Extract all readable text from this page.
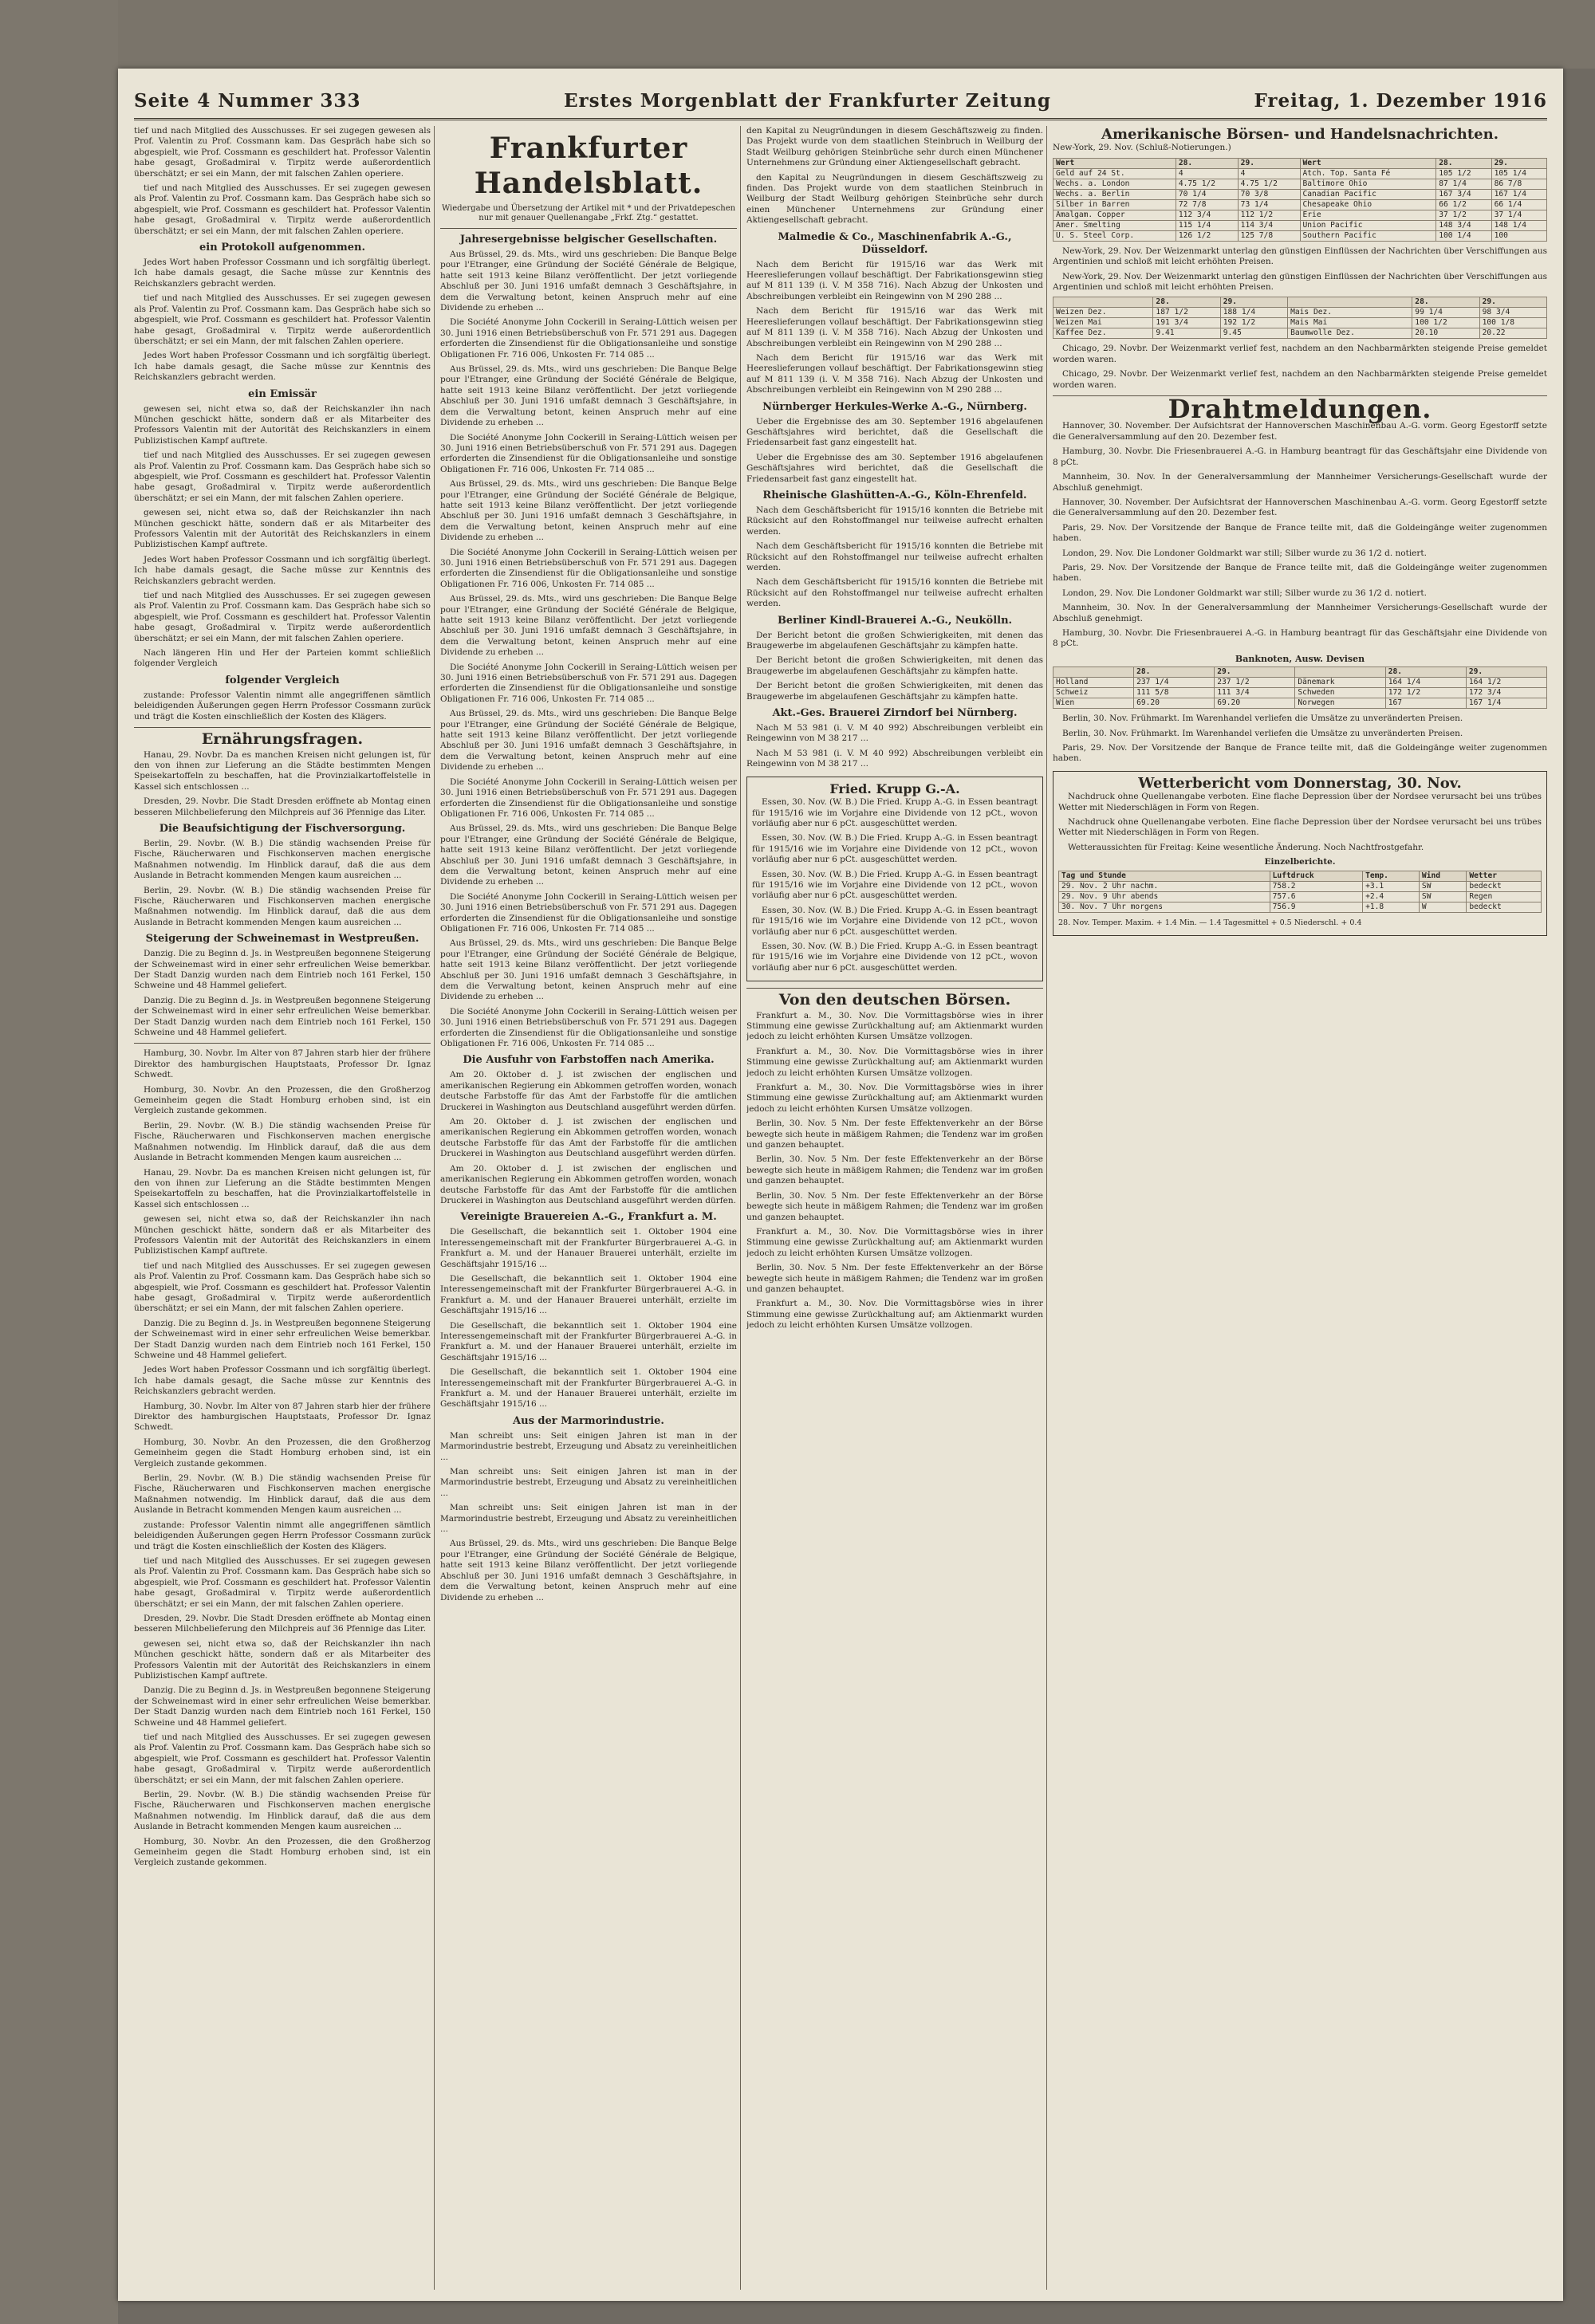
Seite 4 Nummer 333	Erstes Morgenblatt der Frankfurter Zeitung	Freitag, 1. Dezember 1916

tief und nach Mitglied des Ausschusses. Er sei zugegen gewesen als Prof. Valentin zu Prof. Cossmann kam. Das Gespräch habe sich so abgespielt, wie Prof. Cossmann es geschildert hat. Professor Valentin habe gesagt, Großadmiral v. Tirpitz werde außerordentlich überschätzt; er sei ein Mann, der mit falschen Zahlen operiere.

tief und nach Mitglied des Ausschusses. Er sei zugegen gewesen als Prof. Valentin zu Prof. Cossmann kam. Das Gespräch habe sich so abgespielt, wie Prof. Cossmann es geschildert hat. Professor Valentin habe gesagt, Großadmiral v. Tirpitz werde außerordentlich überschätzt; er sei ein Mann, der mit falschen Zahlen operiere.

ein Protokoll aufgenommen.

Jedes Wort haben Professor Cossmann und ich sorgfältig überlegt. Ich habe damals gesagt, die Sache müsse zur Kenntnis des Reichskanzlers gebracht werden.

tief und nach Mitglied des Ausschusses. Er sei zugegen gewesen als Prof. Valentin zu Prof. Cossmann kam. Das Gespräch habe sich so abgespielt, wie Prof. Cossmann es geschildert hat. Professor Valentin habe gesagt, Großadmiral v. Tirpitz werde außerordentlich überschätzt; er sei ein Mann, der mit falschen Zahlen operiere.

Jedes Wort haben Professor Cossmann und ich sorgfältig überlegt. Ich habe damals gesagt, die Sache müsse zur Kenntnis des Reichskanzlers gebracht werden.

ein Emissär

gewesen sei, nicht etwa so, daß der Reichskanzler ihn nach München geschickt hätte, sondern daß er als Mitarbeiter des Professors Valentin mit der Autorität des Reichskanzlers in einem Publizistischen Kampf auftrete.

tief und nach Mitglied des Ausschusses. Er sei zugegen gewesen als Prof. Valentin zu Prof. Cossmann kam. Das Gespräch habe sich so abgespielt, wie Prof. Cossmann es geschildert hat. Professor Valentin habe gesagt, Großadmiral v. Tirpitz werde außerordentlich überschätzt; er sei ein Mann, der mit falschen Zahlen operiere.

gewesen sei, nicht etwa so, daß der Reichskanzler ihn nach München geschickt hätte, sondern daß er als Mitarbeiter des Professors Valentin mit der Autorität des Reichskanzlers in einem Publizistischen Kampf auftrete.

Jedes Wort haben Professor Cossmann und ich sorgfältig überlegt. Ich habe damals gesagt, die Sache müsse zur Kenntnis des Reichskanzlers gebracht werden.

tief und nach Mitglied des Ausschusses. Er sei zugegen gewesen als Prof. Valentin zu Prof. Cossmann kam. Das Gespräch habe sich so abgespielt, wie Prof. Cossmann es geschildert hat. Professor Valentin habe gesagt, Großadmiral v. Tirpitz werde außerordentlich überschätzt; er sei ein Mann, der mit falschen Zahlen operiere.

Nach längeren Hin und Her der Parteien kommt schließlich folgender Vergleich

folgender Vergleich

zustande: Professor Valentin nimmt alle angegriffenen sämtlich beleidigenden Äußerungen gegen Herrn Professor Cossmann zurück und trägt die Kosten einschließlich der Kosten des Klägers.

Ernährungsfragen.

Hanau, 29. Novbr. Da es manchen Kreisen nicht gelungen ist, für den von ihnen zur Lieferung an die Städte bestimmten Mengen Speisekartoffeln zu beschaffen, hat die Provinzialkartoffelstelle in Kassel sich entschlossen ...

Dresden, 29. Novbr. Die Stadt Dresden eröffnete ab Montag einen besseren Milchbelieferung den Milchpreis auf 36 Pfennige das Liter.

Die Beaufsichtigung der Fischversorgung.

Berlin, 29. Novbr. (W. B.) Die ständig wachsenden Preise für Fische, Räucherwaren und Fischkonserven machen energische Maßnahmen notwendig. Im Hinblick darauf, daß die aus dem Auslande in Betracht kommenden Mengen kaum ausreichen ...

Berlin, 29. Novbr. (W. B.) Die ständig wachsenden Preise für Fische, Räucherwaren und Fischkonserven machen energische Maßnahmen notwendig. Im Hinblick darauf, daß die aus dem Auslande in Betracht kommenden Mengen kaum ausreichen ...

Steigerung der Schweinemast in Westpreußen.

Danzig. Die zu Beginn d. Js. in Westpreußen begonnene Steigerung der Schweinemast wird in einer sehr erfreulichen Weise bemerkbar. Der Stadt Danzig wurden nach dem Eintrieb noch 161 Ferkel, 150 Schweine und 48 Hammel geliefert.

Danzig. Die zu Beginn d. Js. in Westpreußen begonnene Steigerung der Schweinemast wird in einer sehr erfreulichen Weise bemerkbar. Der Stadt Danzig wurden nach dem Eintrieb noch 161 Ferkel, 150 Schweine und 48 Hammel geliefert.

Hamburg, 30. Novbr. Im Alter von 87 Jahren starb hier der frühere Direktor des hamburgischen Hauptstaats, Professor Dr. Ignaz Schwedt.

Homburg, 30. Novbr. An den Prozessen, die den Großherzog Gemeinheim gegen die Stadt Homburg erhoben sind, ist ein Vergleich zustande gekommen.

Berlin, 29. Novbr. (W. B.) Die ständig wachsenden Preise für Fische, Räucherwaren und Fischkonserven machen energische Maßnahmen notwendig. Im Hinblick darauf, daß die aus dem Auslande in Betracht kommenden Mengen kaum ausreichen ...

Hanau, 29. Novbr. Da es manchen Kreisen nicht gelungen ist, für den von ihnen zur Lieferung an die Städte bestimmten Mengen Speisekartoffeln zu beschaffen, hat die Provinzialkartoffelstelle in Kassel sich entschlossen ...

gewesen sei, nicht etwa so, daß der Reichskanzler ihn nach München geschickt hätte, sondern daß er als Mitarbeiter des Professors Valentin mit der Autorität des Reichskanzlers in einem Publizistischen Kampf auftrete.

tief und nach Mitglied des Ausschusses. Er sei zugegen gewesen als Prof. Valentin zu Prof. Cossmann kam. Das Gespräch habe sich so abgespielt, wie Prof. Cossmann es geschildert hat. Professor Valentin habe gesagt, Großadmiral v. Tirpitz werde außerordentlich überschätzt; er sei ein Mann, der mit falschen Zahlen operiere.

Danzig. Die zu Beginn d. Js. in Westpreußen begonnene Steigerung der Schweinemast wird in einer sehr erfreulichen Weise bemerkbar. Der Stadt Danzig wurden nach dem Eintrieb noch 161 Ferkel, 150 Schweine und 48 Hammel geliefert.

Jedes Wort haben Professor Cossmann und ich sorgfältig überlegt. Ich habe damals gesagt, die Sache müsse zur Kenntnis des Reichskanzlers gebracht werden.

Hamburg, 30. Novbr. Im Alter von 87 Jahren starb hier der frühere Direktor des hamburgischen Hauptstaats, Professor Dr. Ignaz Schwedt.

Homburg, 30. Novbr. An den Prozessen, die den Großherzog Gemeinheim gegen die Stadt Homburg erhoben sind, ist ein Vergleich zustande gekommen.

Berlin, 29. Novbr. (W. B.) Die ständig wachsenden Preise für Fische, Räucherwaren und Fischkonserven machen energische Maßnahmen notwendig. Im Hinblick darauf, daß die aus dem Auslande in Betracht kommenden Mengen kaum ausreichen ...

zustande: Professor Valentin nimmt alle angegriffenen sämtlich beleidigenden Äußerungen gegen Herrn Professor Cossmann zurück und trägt die Kosten einschließlich der Kosten des Klägers.

tief und nach Mitglied des Ausschusses. Er sei zugegen gewesen als Prof. Valentin zu Prof. Cossmann kam. Das Gespräch habe sich so abgespielt, wie Prof. Cossmann es geschildert hat. Professor Valentin habe gesagt, Großadmiral v. Tirpitz werde außerordentlich überschätzt; er sei ein Mann, der mit falschen Zahlen operiere.

Dresden, 29. Novbr. Die Stadt Dresden eröffnete ab Montag einen besseren Milchbelieferung den Milchpreis auf 36 Pfennige das Liter.

gewesen sei, nicht etwa so, daß der Reichskanzler ihn nach München geschickt hätte, sondern daß er als Mitarbeiter des Professors Valentin mit der Autorität des Reichskanzlers in einem Publizistischen Kampf auftrete.

Danzig. Die zu Beginn d. Js. in Westpreußen begonnene Steigerung der Schweinemast wird in einer sehr erfreulichen Weise bemerkbar. Der Stadt Danzig wurden nach dem Eintrieb noch 161 Ferkel, 150 Schweine und 48 Hammel geliefert.

tief und nach Mitglied des Ausschusses. Er sei zugegen gewesen als Prof. Valentin zu Prof. Cossmann kam. Das Gespräch habe sich so abgespielt, wie Prof. Cossmann es geschildert hat. Professor Valentin habe gesagt, Großadmiral v. Tirpitz werde außerordentlich überschätzt; er sei ein Mann, der mit falschen Zahlen operiere.

Berlin, 29. Novbr. (W. B.) Die ständig wachsenden Preise für Fische, Räucherwaren und Fischkonserven machen energische Maßnahmen notwendig. Im Hinblick darauf, daß die aus dem Auslande in Betracht kommenden Mengen kaum ausreichen ...

Homburg, 30. Novbr. An den Prozessen, die den Großherzog Gemeinheim gegen die Stadt Homburg erhoben sind, ist ein Vergleich zustande gekommen.

Frankfurter Handelsblatt.
Wiedergabe und Übersetzung der Artikel mit * und der Privatdepeschen nur mit genauer Quellenangabe „Frkf. Ztg.“ gestattet.
Jahresergebnisse belgischer Gesellschaften.

Aus Brüssel, 29. ds. Mts., wird uns geschrieben: Die Banque Belge pour l'Etranger, eine Gründung der Société Générale de Belgique, hatte seit 1913 keine Bilanz veröffentlicht. Der jetzt vorliegende Abschluß per 30. Juni 1916 umfaßt demnach 3 Geschäftsjahre, in dem die Verwaltung betont, keinen Anspruch mehr auf eine Dividende zu erheben ...

Die Société Anonyme John Cockerill in Seraing-Lüttich weisen per 30. Juni 1916 einen Betriebsüberschuß von Fr. 571 291 aus. Dagegen erforderten die Zinsendienst für die Obligationsanleihe und sonstige Obligationen Fr. 716 006, Unkosten Fr. 714 085 ...

Aus Brüssel, 29. ds. Mts., wird uns geschrieben: Die Banque Belge pour l'Etranger, eine Gründung der Société Générale de Belgique, hatte seit 1913 keine Bilanz veröffentlicht. Der jetzt vorliegende Abschluß per 30. Juni 1916 umfaßt demnach 3 Geschäftsjahre, in dem die Verwaltung betont, keinen Anspruch mehr auf eine Dividende zu erheben ...

Die Société Anonyme John Cockerill in Seraing-Lüttich weisen per 30. Juni 1916 einen Betriebsüberschuß von Fr. 571 291 aus. Dagegen erforderten die Zinsendienst für die Obligationsanleihe und sonstige Obligationen Fr. 716 006, Unkosten Fr. 714 085 ...

Aus Brüssel, 29. ds. Mts., wird uns geschrieben: Die Banque Belge pour l'Etranger, eine Gründung der Société Générale de Belgique, hatte seit 1913 keine Bilanz veröffentlicht. Der jetzt vorliegende Abschluß per 30. Juni 1916 umfaßt demnach 3 Geschäftsjahre, in dem die Verwaltung betont, keinen Anspruch mehr auf eine Dividende zu erheben ...

Die Société Anonyme John Cockerill in Seraing-Lüttich weisen per 30. Juni 1916 einen Betriebsüberschuß von Fr. 571 291 aus. Dagegen erforderten die Zinsendienst für die Obligationsanleihe und sonstige Obligationen Fr. 716 006, Unkosten Fr. 714 085 ...

Aus Brüssel, 29. ds. Mts., wird uns geschrieben: Die Banque Belge pour l'Etranger, eine Gründung der Société Générale de Belgique, hatte seit 1913 keine Bilanz veröffentlicht. Der jetzt vorliegende Abschluß per 30. Juni 1916 umfaßt demnach 3 Geschäftsjahre, in dem die Verwaltung betont, keinen Anspruch mehr auf eine Dividende zu erheben ...

Die Société Anonyme John Cockerill in Seraing-Lüttich weisen per 30. Juni 1916 einen Betriebsüberschuß von Fr. 571 291 aus. Dagegen erforderten die Zinsendienst für die Obligationsanleihe und sonstige Obligationen Fr. 716 006, Unkosten Fr. 714 085 ...

Aus Brüssel, 29. ds. Mts., wird uns geschrieben: Die Banque Belge pour l'Etranger, eine Gründung der Société Générale de Belgique, hatte seit 1913 keine Bilanz veröffentlicht. Der jetzt vorliegende Abschluß per 30. Juni 1916 umfaßt demnach 3 Geschäftsjahre, in dem die Verwaltung betont, keinen Anspruch mehr auf eine Dividende zu erheben ...

Die Société Anonyme John Cockerill in Seraing-Lüttich weisen per 30. Juni 1916 einen Betriebsüberschuß von Fr. 571 291 aus. Dagegen erforderten die Zinsendienst für die Obligationsanleihe und sonstige Obligationen Fr. 716 006, Unkosten Fr. 714 085 ...

Aus Brüssel, 29. ds. Mts., wird uns geschrieben: Die Banque Belge pour l'Etranger, eine Gründung der Société Générale de Belgique, hatte seit 1913 keine Bilanz veröffentlicht. Der jetzt vorliegende Abschluß per 30. Juni 1916 umfaßt demnach 3 Geschäftsjahre, in dem die Verwaltung betont, keinen Anspruch mehr auf eine Dividende zu erheben ...

Die Société Anonyme John Cockerill in Seraing-Lüttich weisen per 30. Juni 1916 einen Betriebsüberschuß von Fr. 571 291 aus. Dagegen erforderten die Zinsendienst für die Obligationsanleihe und sonstige Obligationen Fr. 716 006, Unkosten Fr. 714 085 ...

Aus Brüssel, 29. ds. Mts., wird uns geschrieben: Die Banque Belge pour l'Etranger, eine Gründung der Société Générale de Belgique, hatte seit 1913 keine Bilanz veröffentlicht. Der jetzt vorliegende Abschluß per 30. Juni 1916 umfaßt demnach 3 Geschäftsjahre, in dem die Verwaltung betont, keinen Anspruch mehr auf eine Dividende zu erheben ...

Die Société Anonyme John Cockerill in Seraing-Lüttich weisen per 30. Juni 1916 einen Betriebsüberschuß von Fr. 571 291 aus. Dagegen erforderten die Zinsendienst für die Obligationsanleihe und sonstige Obligationen Fr. 716 006, Unkosten Fr. 714 085 ...

Die Ausfuhr von Farbstoffen nach Amerika.

Am 20. Oktober d. J. ist zwischen der englischen und amerikanischen Regierung ein Abkommen getroffen worden, wonach deutsche Farbstoffe für das Amt der Farbstoffe für die amtlichen Druckerei in Washington aus Deutschland ausgeführt werden dürfen.

Am 20. Oktober d. J. ist zwischen der englischen und amerikanischen Regierung ein Abkommen getroffen worden, wonach deutsche Farbstoffe für das Amt der Farbstoffe für die amtlichen Druckerei in Washington aus Deutschland ausgeführt werden dürfen.

Am 20. Oktober d. J. ist zwischen der englischen und amerikanischen Regierung ein Abkommen getroffen worden, wonach deutsche Farbstoffe für das Amt der Farbstoffe für die amtlichen Druckerei in Washington aus Deutschland ausgeführt werden dürfen.

Vereinigte Brauereien A.-G., Frankfurt a. M.

Die Gesellschaft, die bekanntlich seit 1. Oktober 1904 eine Interessengemeinschaft mit der Frankfurter Bürgerbrauerei A.-G. in Frankfurt a. M. und der Hanauer Brauerei unterhält, erzielte im Geschäftsjahr 1915/16 ...

Die Gesellschaft, die bekanntlich seit 1. Oktober 1904 eine Interessengemeinschaft mit der Frankfurter Bürgerbrauerei A.-G. in Frankfurt a. M. und der Hanauer Brauerei unterhält, erzielte im Geschäftsjahr 1915/16 ...

Die Gesellschaft, die bekanntlich seit 1. Oktober 1904 eine Interessengemeinschaft mit der Frankfurter Bürgerbrauerei A.-G. in Frankfurt a. M. und der Hanauer Brauerei unterhält, erzielte im Geschäftsjahr 1915/16 ...

Die Gesellschaft, die bekanntlich seit 1. Oktober 1904 eine Interessengemeinschaft mit der Frankfurter Bürgerbrauerei A.-G. in Frankfurt a. M. und der Hanauer Brauerei unterhält, erzielte im Geschäftsjahr 1915/16 ...

Aus der Marmorindustrie.

Man schreibt uns: Seit einigen Jahren ist man in der Marmorindustrie bestrebt, Erzeugung und Absatz zu vereinheitlichen ...

Man schreibt uns: Seit einigen Jahren ist man in der Marmorindustrie bestrebt, Erzeugung und Absatz zu vereinheitlichen ...

Man schreibt uns: Seit einigen Jahren ist man in der Marmorindustrie bestrebt, Erzeugung und Absatz zu vereinheitlichen ...

Aus Brüssel, 29. ds. Mts., wird uns geschrieben: Die Banque Belge pour l'Etranger, eine Gründung der Société Générale de Belgique, hatte seit 1913 keine Bilanz veröffentlicht. Der jetzt vorliegende Abschluß per 30. Juni 1916 umfaßt demnach 3 Geschäftsjahre, in dem die Verwaltung betont, keinen Anspruch mehr auf eine Dividende zu erheben ...

den Kapital zu Neugründungen in diesem Geschäftszweig zu finden. Das Projekt wurde von dem staatlichen Steinbruch in Weilburg der Stadt Weilburg gehörigen Steinbrüche sehr durch einen Münchener Unternehmens zur Gründung einer Aktiengesellschaft gebracht.

den Kapital zu Neugründungen in diesem Geschäftszweig zu finden. Das Projekt wurde von dem staatlichen Steinbruch in Weilburg der Stadt Weilburg gehörigen Steinbrüche sehr durch einen Münchener Unternehmens zur Gründung einer Aktiengesellschaft gebracht.

Malmedie & Co., Maschinenfabrik A.-G., Düsseldorf.

Nach dem Bericht für 1915/16 war das Werk mit Heereslieferungen vollauf beschäftigt. Der Fabrikationsgewinn stieg auf M 811 139 (i. V. M 358 716). Nach Abzug der Unkosten und Abschreibungen verbleibt ein Reingewinn von M 290 288 ...

Nach dem Bericht für 1915/16 war das Werk mit Heereslieferungen vollauf beschäftigt. Der Fabrikationsgewinn stieg auf M 811 139 (i. V. M 358 716). Nach Abzug der Unkosten und Abschreibungen verbleibt ein Reingewinn von M 290 288 ...

Nach dem Bericht für 1915/16 war das Werk mit Heereslieferungen vollauf beschäftigt. Der Fabrikationsgewinn stieg auf M 811 139 (i. V. M 358 716). Nach Abzug der Unkosten und Abschreibungen verbleibt ein Reingewinn von M 290 288 ...

Nürnberger Herkules-Werke A.-G., Nürnberg.

Ueber die Ergebnisse des am 30. September 1916 abgelaufenen Geschäftsjahres wird berichtet, daß die Gesellschaft die Friedensarbeit fast ganz eingestellt hat.

Ueber die Ergebnisse des am 30. September 1916 abgelaufenen Geschäftsjahres wird berichtet, daß die Gesellschaft die Friedensarbeit fast ganz eingestellt hat.

Rheinische Glashütten-A.-G., Köln-Ehrenfeld.

Nach dem Geschäftsbericht für 1915/16 konnten die Betriebe mit Rücksicht auf den Rohstoffmangel nur teilweise aufrecht erhalten werden.

Nach dem Geschäftsbericht für 1915/16 konnten die Betriebe mit Rücksicht auf den Rohstoffmangel nur teilweise aufrecht erhalten werden.

Nach dem Geschäftsbericht für 1915/16 konnten die Betriebe mit Rücksicht auf den Rohstoffmangel nur teilweise aufrecht erhalten werden.

Berliner Kindl-Brauerei A.-G., Neukölln.

Der Bericht betont die großen Schwierigkeiten, mit denen das Braugewerbe im abgelaufenen Geschäftsjahr zu kämpfen hatte.

Der Bericht betont die großen Schwierigkeiten, mit denen das Braugewerbe im abgelaufenen Geschäftsjahr zu kämpfen hatte.

Der Bericht betont die großen Schwierigkeiten, mit denen das Braugewerbe im abgelaufenen Geschäftsjahr zu kämpfen hatte.

Akt.-Ges. Brauerei Zirndorf bei Nürnberg.

Nach M 53 981 (i. V. M 40 992) Abschreibungen verbleibt ein Reingewinn von M 38 217 ...

Nach M 53 981 (i. V. M 40 992) Abschreibungen verbleibt ein Reingewinn von M 38 217 ...

Fried. Krupp G.-A.

Essen, 30. Nov. (W. B.) Die Fried. Krupp A.-G. in Essen beantragt für 1915/16 wie im Vorjahre eine Dividende von 12 pCt., wovon vorläufig aber nur 6 pCt. ausgeschüttet werden.

Essen, 30. Nov. (W. B.) Die Fried. Krupp A.-G. in Essen beantragt für 1915/16 wie im Vorjahre eine Dividende von 12 pCt., wovon vorläufig aber nur 6 pCt. ausgeschüttet werden.

Essen, 30. Nov. (W. B.) Die Fried. Krupp A.-G. in Essen beantragt für 1915/16 wie im Vorjahre eine Dividende von 12 pCt., wovon vorläufig aber nur 6 pCt. ausgeschüttet werden.

Essen, 30. Nov. (W. B.) Die Fried. Krupp A.-G. in Essen beantragt für 1915/16 wie im Vorjahre eine Dividende von 12 pCt., wovon vorläufig aber nur 6 pCt. ausgeschüttet werden.

Essen, 30. Nov. (W. B.) Die Fried. Krupp A.-G. in Essen beantragt für 1915/16 wie im Vorjahre eine Dividende von 12 pCt., wovon vorläufig aber nur 6 pCt. ausgeschüttet werden.

Von den deutschen Börsen.

Frankfurt a. M., 30. Nov. Die Vormittagsbörse wies in ihrer Stimmung eine gewisse Zurückhaltung auf; am Aktienmarkt wurden jedoch zu leicht erhöhten Kursen Umsätze vollzogen.

Frankfurt a. M., 30. Nov. Die Vormittagsbörse wies in ihrer Stimmung eine gewisse Zurückhaltung auf; am Aktienmarkt wurden jedoch zu leicht erhöhten Kursen Umsätze vollzogen.

Frankfurt a. M., 30. Nov. Die Vormittagsbörse wies in ihrer Stimmung eine gewisse Zurückhaltung auf; am Aktienmarkt wurden jedoch zu leicht erhöhten Kursen Umsätze vollzogen.

Berlin, 30. Nov. 5 Nm. Der feste Effektenverkehr an der Börse bewegte sich heute in mäßigem Rahmen; die Tendenz war im großen und ganzen behauptet.

Berlin, 30. Nov. 5 Nm. Der feste Effektenverkehr an der Börse bewegte sich heute in mäßigem Rahmen; die Tendenz war im großen und ganzen behauptet.

Berlin, 30. Nov. 5 Nm. Der feste Effektenverkehr an der Börse bewegte sich heute in mäßigem Rahmen; die Tendenz war im großen und ganzen behauptet.

Frankfurt a. M., 30. Nov. Die Vormittagsbörse wies in ihrer Stimmung eine gewisse Zurückhaltung auf; am Aktienmarkt wurden jedoch zu leicht erhöhten Kursen Umsätze vollzogen.

Berlin, 30. Nov. 5 Nm. Der feste Effektenverkehr an der Börse bewegte sich heute in mäßigem Rahmen; die Tendenz war im großen und ganzen behauptet.

Frankfurt a. M., 30. Nov. Die Vormittagsbörse wies in ihrer Stimmung eine gewisse Zurückhaltung auf; am Aktienmarkt wurden jedoch zu leicht erhöhten Kursen Umsätze vollzogen.

Amerikanische Börsen- und Handelsnachrichten.

New-York, 29. Nov. (Schluß-Notierungen.)

Wert	28.	29.	Wert	28.	29.
Geld auf 24 St.	4	4	Atch. Top. Santa Fé	105 1/2	105 1/4
Wechs. a. London	4.75 1/2	4.75 1/2	Baltimore Ohio	87 1/4	86 7/8
Wechs. a. Berlin	70 1/4	70 3/8	Canadian Pacific	167 3/4	167 1/4
Silber in Barren	72 7/8	73 1/4	Chesapeake Ohio	66 1/2	66 1/4
Amalgam. Copper	112 3/4	112 1/2	Erie	37 1/2	37 1/4
Amer. Smelting	115 1/4	114 3/4	Union Pacific	148 3/4	148 1/4
U. S. Steel Corp.	126 1/2	125 7/8	Southern Pacific	100 1/4	100

New-York, 29. Nov. Der Weizenmarkt unterlag den günstigen Einflüssen der Nachrichten über Verschiffungen aus Argentinien und schloß mit leicht erhöhten Preisen.

New-York, 29. Nov. Der Weizenmarkt unterlag den günstigen Einflüssen der Nachrichten über Verschiffungen aus Argentinien und schloß mit leicht erhöhten Preisen.

	28.	29.		28.	29.
Weizen Dez.	187 1/2	188 1/4	Mais Dez.	99 1/4	98 3/4
Weizen Mai	191 3/4	192 1/2	Mais Mai	100 1/2	100 1/8
Kaffee Dez.	9.41	9.45	Baumwolle Dez.	20.10	20.22

Chicago, 29. Novbr. Der Weizenmarkt verlief fest, nachdem an den Nachbarmärkten steigende Preise gemeldet worden waren.

Chicago, 29. Novbr. Der Weizenmarkt verlief fest, nachdem an den Nachbarmärkten steigende Preise gemeldet worden waren.

Drahtmeldungen.

Hannover, 30. November. Der Aufsichtsrat der Hannoverschen Maschinenbau A.-G. vorm. Georg Egestorff setzte die Generalversammlung auf den 20. Dezember fest.

Hamburg, 30. Novbr. Die Friesenbrauerei A.-G. in Hamburg beantragt für das Geschäftsjahr eine Dividende von 8 pCt.

Mannheim, 30. Nov. In der Generalversammlung der Mannheimer Versicherungs-Gesellschaft wurde der Abschluß genehmigt.

Hannover, 30. November. Der Aufsichtsrat der Hannoverschen Maschinenbau A.-G. vorm. Georg Egestorff setzte die Generalversammlung auf den 20. Dezember fest.

Paris, 29. Nov. Der Vorsitzende der Banque de France teilte mit, daß die Goldeingänge weiter zugenommen haben.

London, 29. Nov. Die Londoner Goldmarkt war still; Silber wurde zu 36 1/2 d. notiert.

Paris, 29. Nov. Der Vorsitzende der Banque de France teilte mit, daß die Goldeingänge weiter zugenommen haben.

London, 29. Nov. Die Londoner Goldmarkt war still; Silber wurde zu 36 1/2 d. notiert.

Mannheim, 30. Nov. In der Generalversammlung der Mannheimer Versicherungs-Gesellschaft wurde der Abschluß genehmigt.

Hamburg, 30. Novbr. Die Friesenbrauerei A.-G. in Hamburg beantragt für das Geschäftsjahr eine Dividende von 8 pCt.

Banknoten, Ausw. Devisen
	28.	29.		28.	29.
Holland	237 1/4	237 1/2	Dänemark	164 1/4	164 1/2
Schweiz	111 5/8	111 3/4	Schweden	172 1/2	172 3/4
Wien	69.20	69.20	Norwegen	167	167 1/4

Berlin, 30. Nov. Frühmarkt. Im Warenhandel verliefen die Umsätze zu unveränderten Preisen.

Berlin, 30. Nov. Frühmarkt. Im Warenhandel verliefen die Umsätze zu unveränderten Preisen.

Paris, 29. Nov. Der Vorsitzende der Banque de France teilte mit, daß die Goldeingänge weiter zugenommen haben.

Wetterbericht vom Donnerstag, 30. Nov.

Nachdruck ohne Quellenangabe verboten. Eine flache Depression über der Nordsee verursacht bei uns trübes Wetter mit Niederschlägen in Form von Regen.

Nachdruck ohne Quellenangabe verboten. Eine flache Depression über der Nordsee verursacht bei uns trübes Wetter mit Niederschlägen in Form von Regen.

Wetteraussichten für Freitag: Keine wesentliche Änderung. Noch Nachtfrostgefahr.

Einzelberichte.
Tag und Stunde	Luftdruck	Temp.	Wind	Wetter
29. Nov. 2 Uhr nachm.	758.2	+3.1	SW	bedeckt
29. Nov. 9 Uhr abends	757.6	+2.4	SW	Regen
30. Nov. 7 Uhr morgens	756.9	+1.8	W	bedeckt

28. Nov. Temper. Maxim. + 1.4 Min. — 1.4 Tagesmittel + 0.5 Niederschl. + 0.4
